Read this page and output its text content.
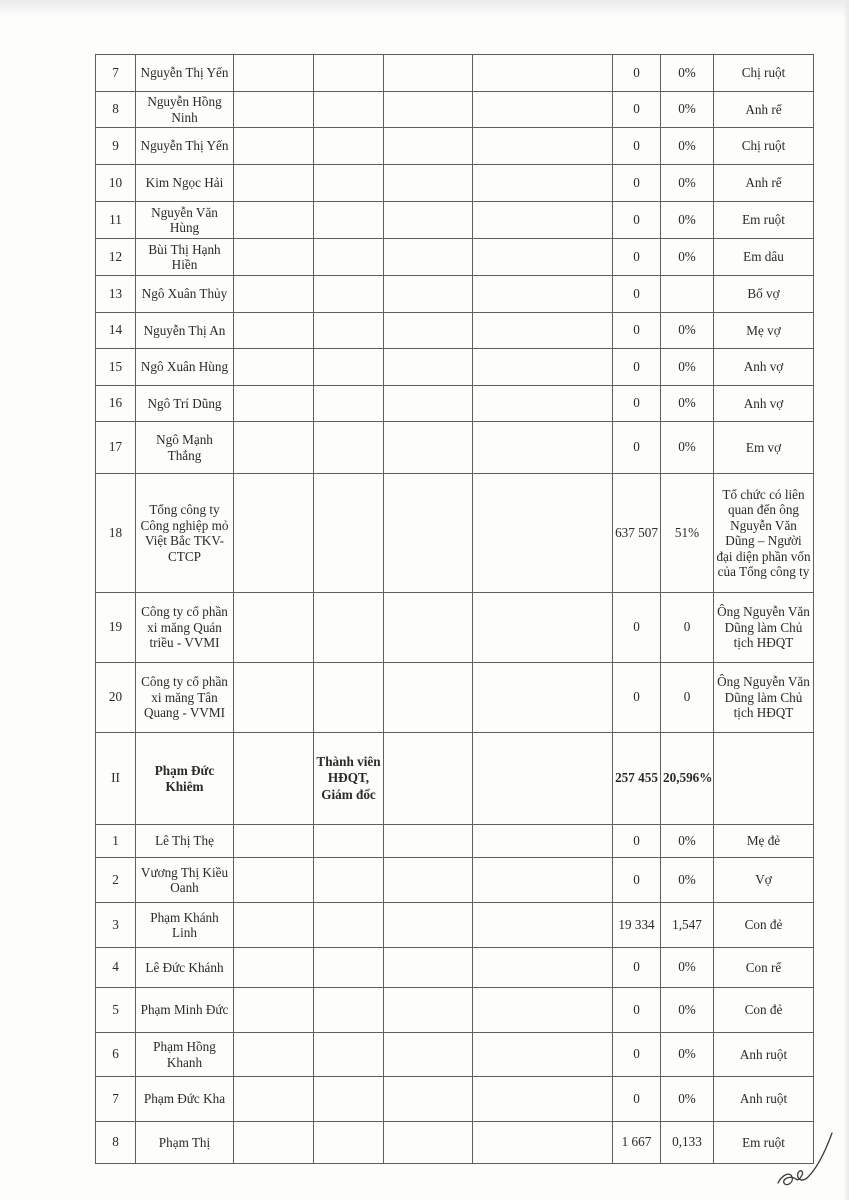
7	Nguyễn Thị Yến					0	0%	Chị ruột
8	Nguyễn Hồng Ninh					0	0%	Anh rể
9	Nguyễn Thị Yến					0	0%	Chị ruột
10	Kim Ngọc Hải					0	0%	Anh rể
11	Nguyễn Văn Hùng					0	0%	Em ruột
12	Bùi Thị Hạnh Hiền					0	0%	Em dâu
13	Ngô Xuân Thủy					0		Bố vợ
14	Nguyễn Thị An					0	0%	Mẹ vợ
15	Ngô Xuân Hùng					0	0%	Anh vợ
16	Ngô Trí Dũng					0	0%	Anh vợ
17	Ngô Mạnh Thắng					0	0%	Em vợ
18	Tổng công ty Công nghiệp mỏ Việt Bắc TKV-CTCP					637 507	51%	Tổ chức có liên quan đến ông Nguyễn Văn Dũng – Người đại diện phần vốn của Tổng công ty
19	Công ty cổ phần xi măng Quán triều - VVMI					0	0	Ông Nguyễn Văn Dũng làm Chủ tịch HĐQT
20	Công ty cổ phần xi măng Tân Quang - VVMI					0	0	Ông Nguyễn Văn Dũng làm Chủ tịch HĐQT
II	Phạm Đức Khiêm		Thành viên HĐQT, Giám đốc			257 455	20,596%	
1	Lê Thị Thẹ					0	0%	Mẹ đẻ
2	Vương Thị Kiều Oanh					0	0%	Vợ
3	Phạm Khánh Linh					19 334	1,547	Con đẻ
4	Lê Đức Khánh					0	0%	Con rể
5	Phạm Minh Đức					0	0%	Con đẻ
6	Phạm Hồng Khanh					0	0%	Anh ruột
7	Phạm Đức Kha					0	0%	Anh ruột
8	Phạm Thị					1 667	0,133	Em ruột
